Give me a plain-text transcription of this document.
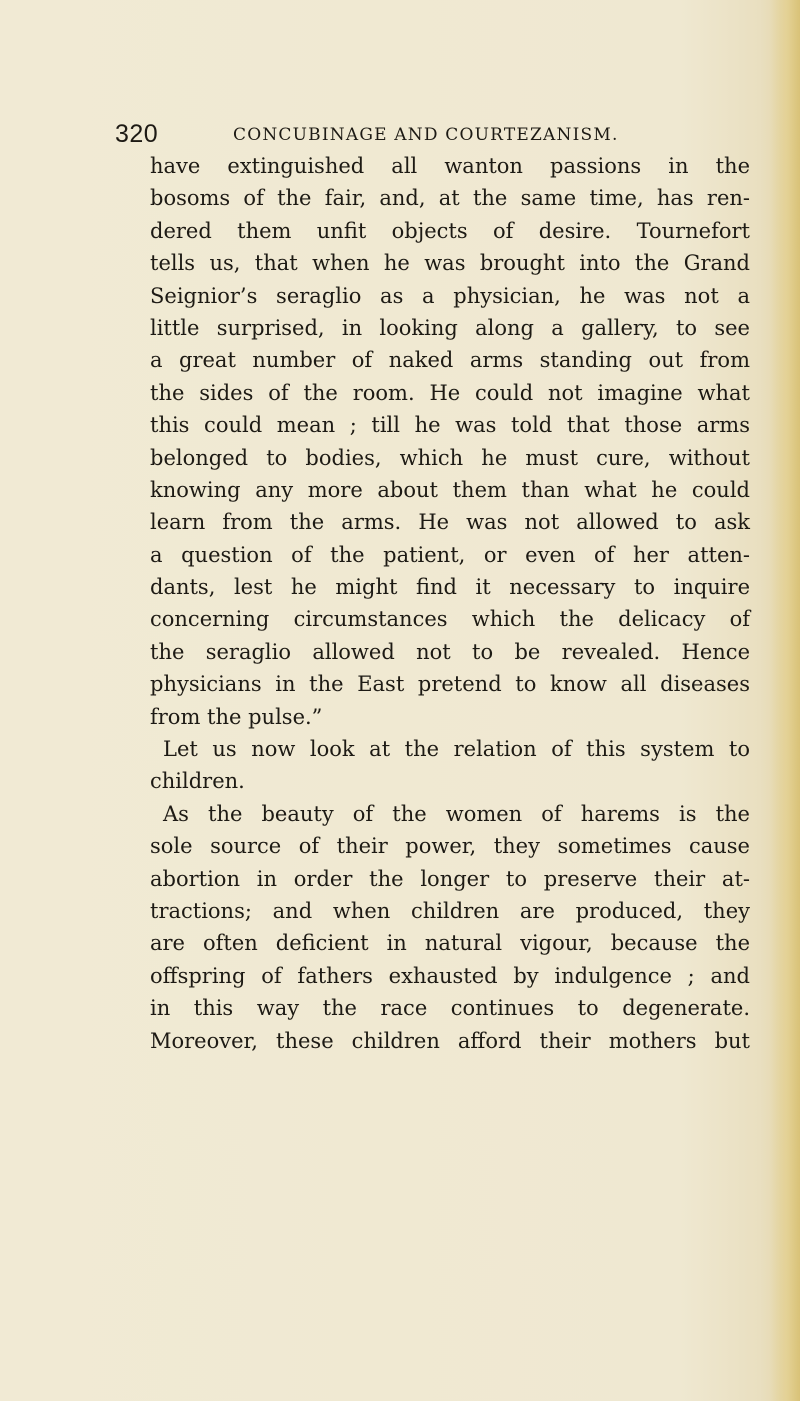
320	CONCUBINAGE AND COURTEZANISM.
have extinguished all wanton passions in the
bosoms of the fair, and, at the same time, has ren-
dered them unfit objects of desire. Tournefort
tells us, that when he was brought into the Grand
Seignior’s seraglio as a physician, he was not a
little surprised, in looking along a gallery, to see
a great number of naked arms standing out from
the sides of the room. He could not imagine what
this could mean ; till he was told that those arms
belonged to bodies, which he must cure, without
knowing any more about them than what he could
learn from the arms. He was not allowed to ask
a question of the patient, or even of her atten-
dants, lest he might find it necessary to inquire
concerning circumstances which the delicacy of
the seraglio allowed not to be revealed. Hence
physicians in the East pretend to know all diseases
from the pulse.”
Let us now look at the relation of this system to
children.
As the beauty of the women of harems is the
sole source of their power, they sometimes cause
abortion in order the longer to preserve their at-
tractions; and when children are produced, they
are often deficient in natural vigour, because the
offspring of fathers exhausted by indulgence ; and
in this way the race continues to degenerate.
Moreover, these children afford their mothers but
